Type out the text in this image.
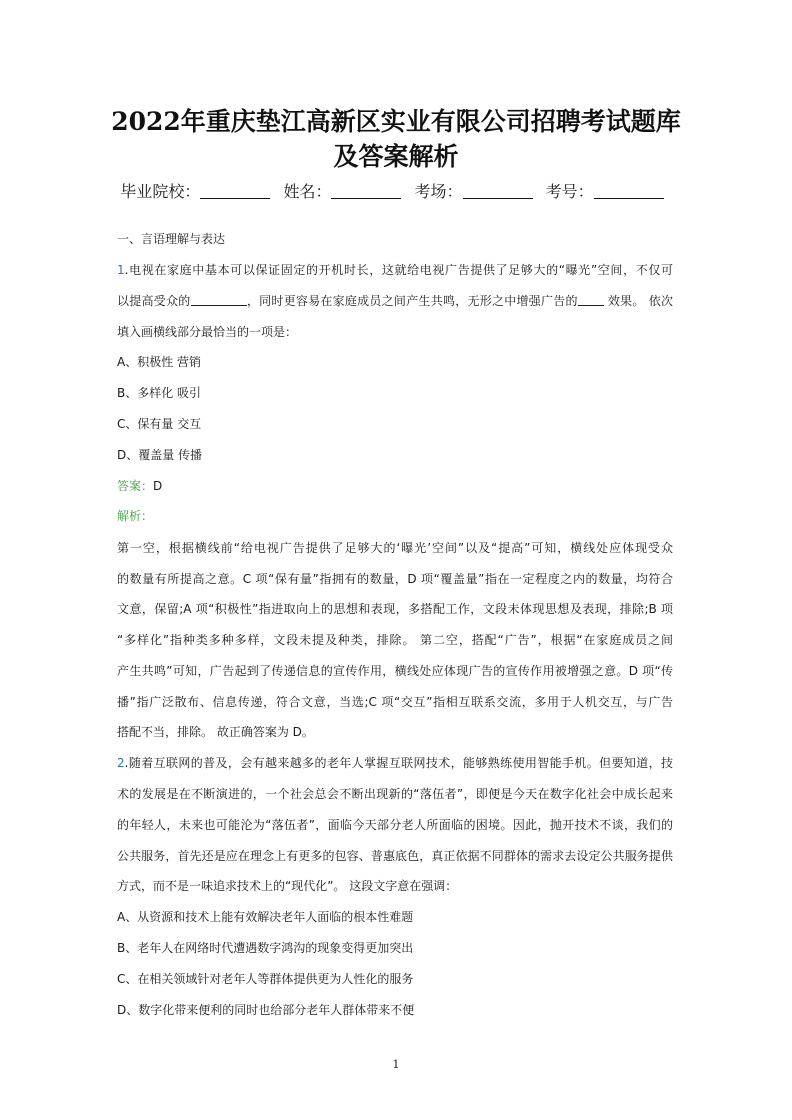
2022年重庆垫江高新区实业有限公司招聘考试题库
及答案解析
毕业院校：	姓名：	考场：	考号：
一、言语理解与表达
1.电视在家庭中基本可以保证固定的开机时长，这就给电视广告提供了足够大的“曝光”空间，不仅可
以提高受众的	，同时更容易在家庭成员之间产生共鸣，无形之中增强广告的 效果。 依次
填入画横线部分最恰当的一项是：
A、积极性 营销
B、多样化 吸引
C、保有量 交互
D、覆盖量 传播
答案：D
解析：
第一空，根据横线前“给电视广告提供了足够大的‘曝光’空间”以及“提高”可知，横线处应体现受众
的数量有所提高之意。C 项“保有量”指拥有的数量，D 项“覆盖量”指在一定程度之内的数量，均符合
文意，保留;A 项“积极性”指进取向上的思想和表现，多搭配工作，文段未体现思想及表现，排除;B 项
“多样化”指种类多种多样，文段未提及种类，排除。 第二空，搭配“广告”，根据“在家庭成员之间
产生共鸣”可知，广告起到了传递信息的宣传作用，横线处应体现广告的宣传作用被增强之意。D 项“传
播”指广泛散布、信息传递，符合文意，当选;C 项“交互”指相互联系交流，多用于人机交互，与广告
搭配不当，排除。 故正确答案为 D。
2.随着互联网的普及，会有越来越多的老年人掌握互联网技术，能够熟练使用智能手机。但要知道，技
术的发展是在不断演进的，一个社会总会不断出现新的“落伍者”，即便是今天在数字化社会中成长起来
的年轻人，未来也可能沦为“落伍者”，面临今天部分老人所面临的困境。因此，抛开技术不谈，我们的
公共服务，首先还是应在理念上有更多的包容、普惠底色，真正依据不同群体的需求去设定公共服务提供
方式，而不是一味追求技术上的“现代化”。 这段文字意在强调：
A、从资源和技术上能有效解决老年人面临的根本性难题
B、老年人在网络时代遭遇数字鸿沟的现象变得更加突出
C、在相关领域针对老年人等群体提供更为人性化的服务
D、数字化带来便利的同时也给部分老年人群体带来不便
1
